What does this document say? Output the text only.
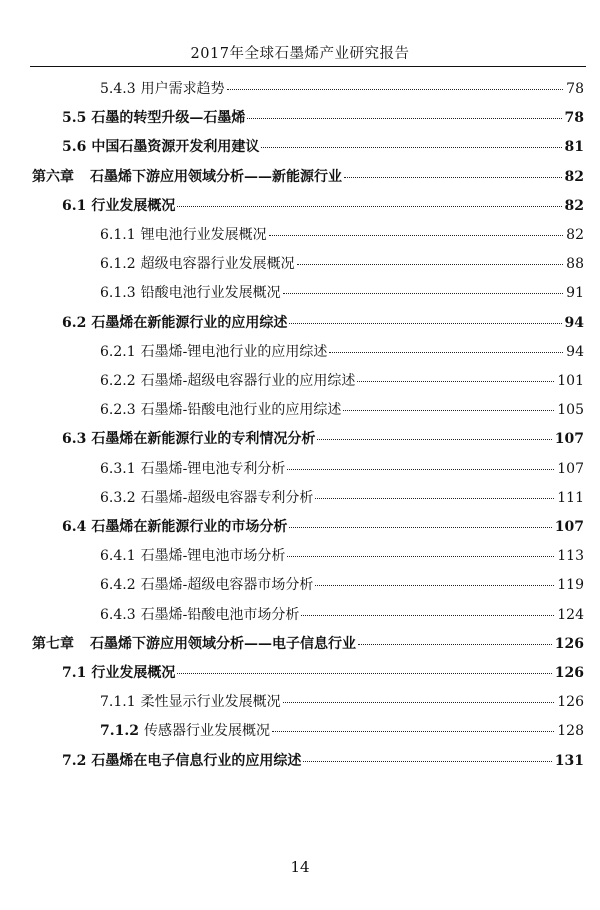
2017年全球石墨烯产业研究报告
5.4.3 用户需求趋势	78
5.5 石墨的转型升级—石墨烯	78
5.6 中国石墨资源开发利用建议	81
第六章 石墨烯下游应用领域分析——新能源行业	82
6.1 行业发展概况	82
6.1.1 锂电池行业发展概况	82
6.1.2 超级电容器行业发展概况	88
6.1.3 铅酸电池行业发展概况	91
6.2 石墨烯在新能源行业的应用综述	94
6.2.1 石墨烯-锂电池行业的应用综述	94
6.2.2 石墨烯-超级电容器行业的应用综述	101
6.2.3 石墨烯-铅酸电池行业的应用综述	105
6.3 石墨烯在新能源行业的专利情况分析	107
6.3.1 石墨烯-锂电池专利分析	107
6.3.2 石墨烯-超级电容器专利分析	111
6.4 石墨烯在新能源行业的市场分析	107
6.4.1 石墨烯-锂电池市场分析	113
6.4.2 石墨烯-超级电容器市场分析	119
6.4.3 石墨烯-铅酸电池市场分析	124
第七章 石墨烯下游应用领域分析——电子信息行业	126
7.1 行业发展概况	126
7.1.1 柔性显示行业发展概况	126
7.1.2 传感器行业发展概况	128
7.2 石墨烯在电子信息行业的应用综述	131
14
